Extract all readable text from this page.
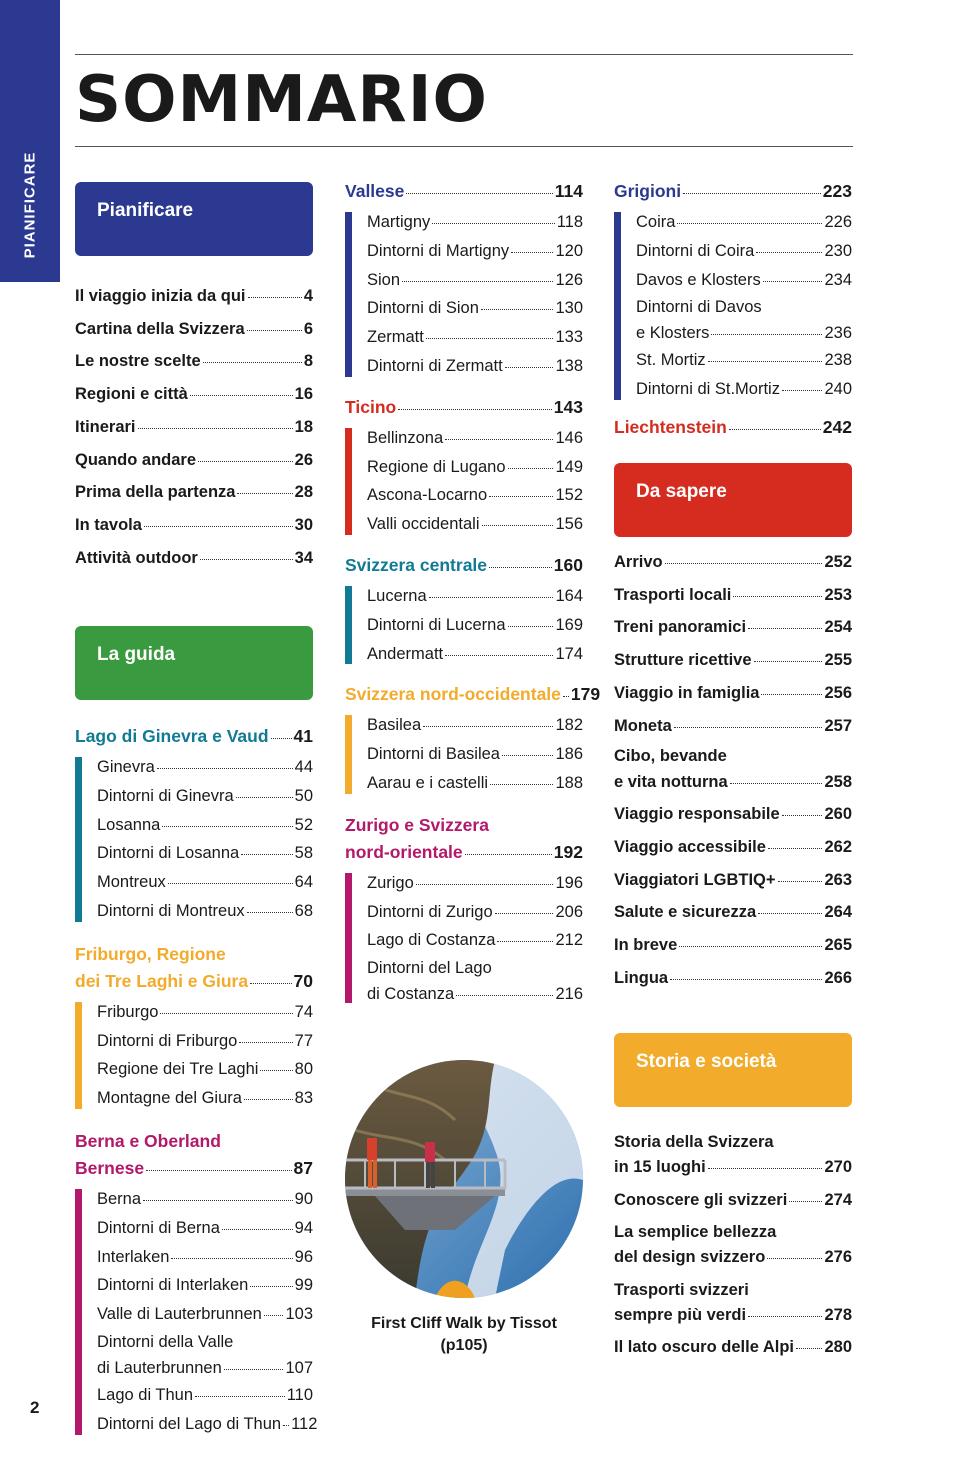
PIANIFICARE
SOMMARIO
Pianificare
Il viaggio inizia da qui	4
Cartina della Svizzera	6
Le nostre scelte	8
Regioni e città	16
Itinerari	18
Quando andare	26
Prima della partenza	28
In tavola	30
Attività outdoor	34
La guida
Lago di Ginevra e Vaud 41
Ginevra	44
Dintorni di Ginevra	50
Losanna	52
Dintorni di Losanna	58
Montreux	64
Dintorni di Montreux	68
Friburgo, Regione
dei Tre Laghi e Giura	70
Friburgo	74
Dintorni di Friburgo	77
Regione dei Tre Laghi 80
Montagne del Giura	83
Berna e Oberland
Bernese	87
Berna	90
Dintorni di Berna	94
Interlaken	96
Dintorni di Interlaken	99
Valle di Lauterbrunnen 103
Dintorni della Valle
di Lauterbrunnen	107
Lago di Thun	110
Dintorni del Lago di Thun 112
Vallese	114
Martigny	118
Dintorni di Martigny	120
Sion	126
Dintorni di Sion	130
Zermatt	133
Dintorni di Zermatt	138
Ticino	143
Bellinzona	146
Regione di Lugano	149
Ascona-Locarno	152
Valli occidentali	156
Svizzera centrale	160
Lucerna	164
Dintorni di Lucerna	169
Andermatt	174
Svizzera nord-occidentale 179
Basilea	182
Dintorni di Basilea	186
Aarau e i castelli	188
Zurigo e Svizzera
nord-orientale	192
Zurigo	196
Dintorni di Zurigo	206
Lago di Costanza	212
Dintorni del Lago
di Costanza	216
First Cliff Walk by Tissot
(p105)
Grigioni	223
Coira	226
Dintorni di Coira	230
Davos e Klosters	234
Dintorni di Davos
e Klosters	236
St. Mortiz	238
Dintorni di St.Mortiz	240
Liechtenstein	242
Da sapere
Arrivo	252
Trasporti locali	253
Treni panoramici	254
Strutture ricettive	255
Viaggio in famiglia	256
Moneta	257
Cibo, bevande
e vita notturna	258
Viaggio responsabile	260
Viaggio accessibile	262
Viaggiatori LGBTIQ+	263
Salute e sicurezza	264
In breve	265
Lingua	266
Storia e società
Storia della Svizzera
in 15 luoghi	270
Conoscere gli svizzeri 274
La semplice bellezza
del design svizzero	276
Trasporti svizzeri
sempre più verdi	278
Il lato oscuro delle Alpi 280
2
